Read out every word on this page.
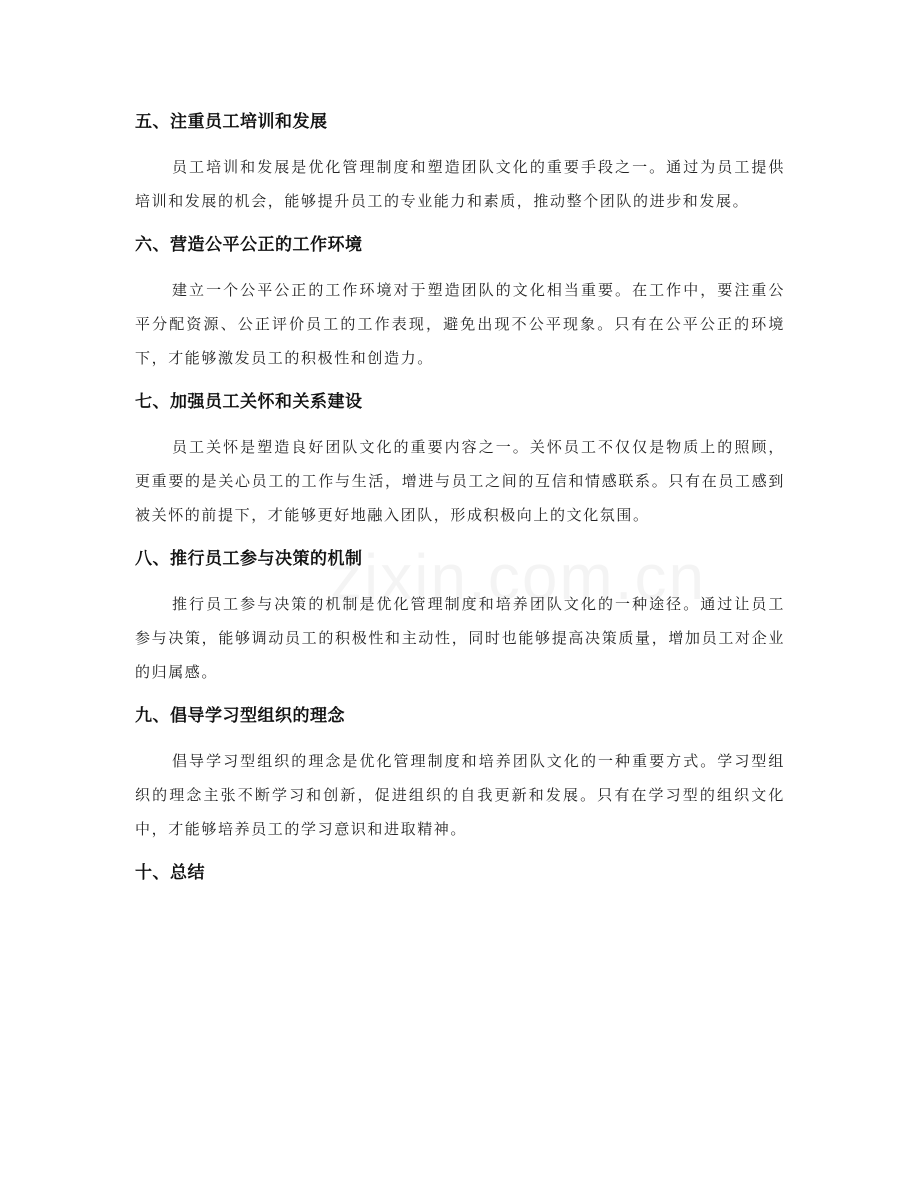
五、注重员工培训和发展

员工培训和发展是优化管理制度和塑造团队文化的重要手段之一。通过为员工提供培训和发展的机会，能够提升员工的专业能力和素质，推动整个团队的进步和发展。

六、营造公平公正的工作环境

建立一个公平公正的工作环境对于塑造团队的文化相当重要。在工作中，要注重公平分配资源、公正评价员工的工作表现，避免出现不公平现象。只有在公平公正的环境下，才能够激发员工的积极性和创造力。

七、加强员工关怀和关系建设

员工关怀是塑造良好团队文化的重要内容之一。关怀员工不仅仅是物质上的照顾，更重要的是关心员工的工作与生活，增进与员工之间的互信和情感联系。只有在员工感到被关怀的前提下，才能够更好地融入团队，形成积极向上的文化氛围。

八、推行员工参与决策的机制

推行员工参与决策的机制是优化管理制度和培养团队文化的一种途径。通过让员工参与决策，能够调动员工的积极性和主动性，同时也能够提高决策质量，增加员工对企业的归属感。

九、倡导学习型组织的理念

倡导学习型组织的理念是优化管理制度和培养团队文化的一种重要方式。学习型组织的理念主张不断学习和创新，促进组织的自我更新和发展。只有在学习型的组织文化中，才能够培养员工的学习意识和进取精神。

十、总结
